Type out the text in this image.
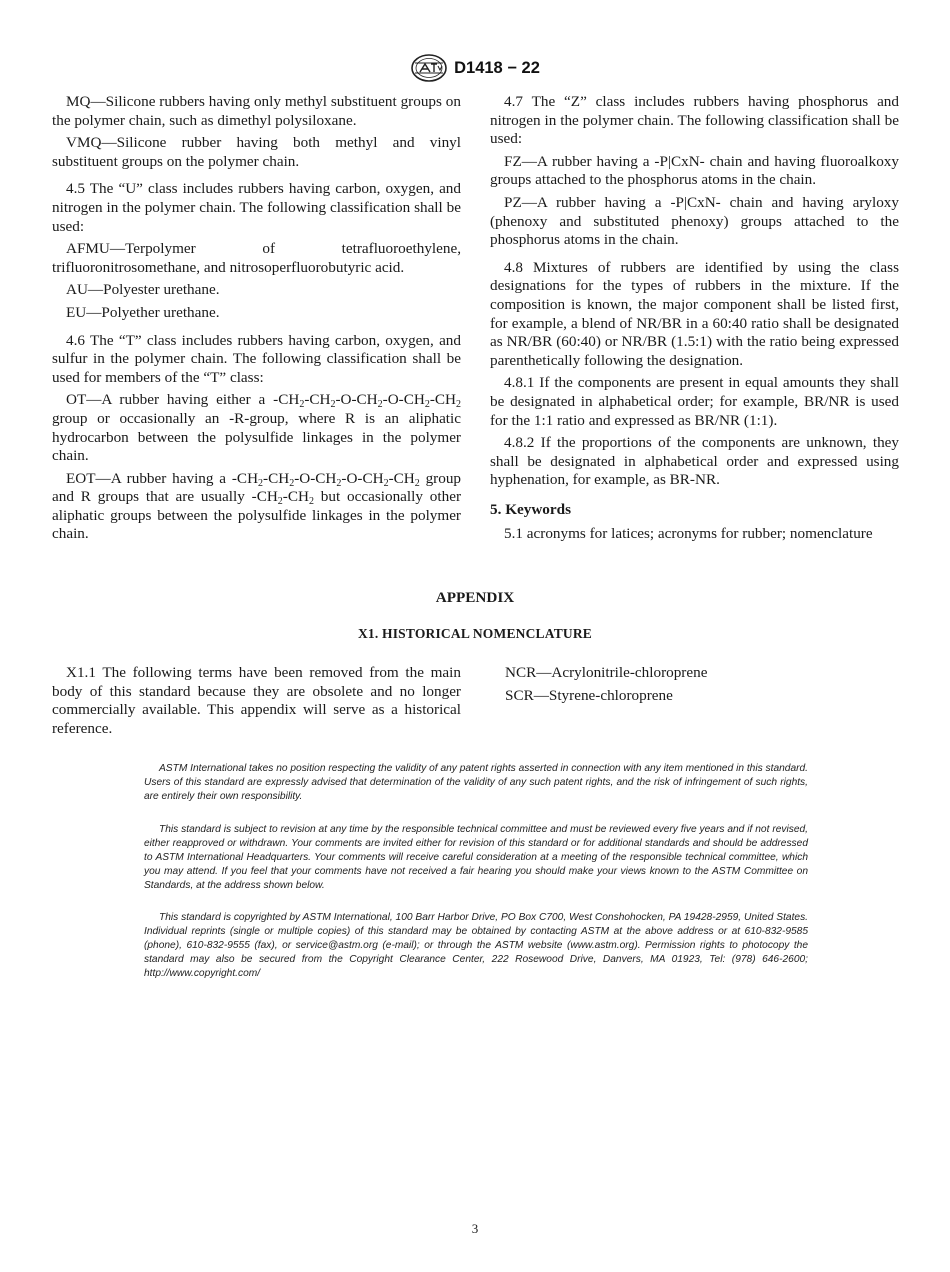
D1418 − 22

MQ—Silicone rubbers having only methyl substituent groups on the polymer chain, such as dimethyl polysiloxane.

VMQ—Silicone rubber having both methyl and vinyl substituent groups on the polymer chain.

4.5 The “U” class includes rubbers having carbon, oxygen, and nitrogen in the polymer chain. The following classification shall be used:

AFMU—Terpolymer of tetrafluoroethylene, trifluoronitrosomethane, and nitrosoperfluorobutyric acid.

AU—Polyester urethane.

EU—Polyether urethane.

4.6 The “T” class includes rubbers having carbon, oxygen, and sulfur in the polymer chain. The following classification shall be used for members of the “T” class:

OT—A rubber having either a $-CH_2-CH_2-O-CH_2-O-CH_2-CH_2$ group or occasionally an -R-group, where R is an aliphatic hydrocarbon between the polysulfide linkages in the polymer chain.

EOT—A rubber having a $-CH_2-CH_2-O-CH_2-O-CH_2-CH_2$ group and R groups that are usually $-CH_2-CH_2$ but occasionally other aliphatic groups between the polysulfide linkages in the polymer chain.

4.7 The “Z” class includes rubbers having phosphorus and nitrogen in the polymer chain. The following classification shall be used:

FZ—A rubber having a -P|CxN- chain and having fluoroalkoxy groups attached to the phosphorus atoms in the chain.

PZ—A rubber having a -P|CxN- chain and having aryloxy (phenoxy and substituted phenoxy) groups attached to the phosphorus atoms in the chain.

4.8 Mixtures of rubbers are identified by using the class designations for the types of rubbers in the mixture. If the composition is known, the major component shall be listed first, for example, a blend of NR/BR in a 60:40 ratio shall be designated as NR/BR (60:40) or NR/BR (1.5:1) with the ratio being expressed parenthetically following the designation.

4.8.1 If the components are present in equal amounts they shall be designated in alphabetical order; for example, BR/NR is used for the 1:1 ratio and expressed as BR/NR (1:1).

4.8.2 If the proportions of the components are unknown, they shall be designated in alphabetical order and expressed using hyphenation, for example, as BR-NR.

5. Keywords

5.1 acronyms for latices; acronyms for rubber; nomenclature

APPENDIX
X1. HISTORICAL NOMENCLATURE

X1.1 The following terms have been removed from the main body of this standard because they are obsolete and no longer commercially available. This appendix will serve as a historical reference.

NCR—Acrylonitrile-chloroprene

SCR—Styrene-chloroprene

ASTM International takes no position respecting the validity of any patent rights asserted in connection with any item mentioned in this standard. Users of this standard are expressly advised that determination of the validity of any such patent rights, and the risk of infringement of such rights, are entirely their own responsibility.

This standard is subject to revision at any time by the responsible technical committee and must be reviewed every five years and if not revised, either reapproved or withdrawn. Your comments are invited either for revision of this standard or for additional standards and should be addressed to ASTM International Headquarters. Your comments will receive careful consideration at a meeting of the responsible technical committee, which you may attend. If you feel that your comments have not received a fair hearing you should make your views known to the ASTM Committee on Standards, at the address shown below.

This standard is copyrighted by ASTM International, 100 Barr Harbor Drive, PO Box C700, West Conshohocken, PA 19428-2959, United States. Individual reprints (single or multiple copies) of this standard may be obtained by contacting ASTM at the above address or at 610-832-9585 (phone), 610-832-9555 (fax), or service@astm.org (e-mail); or through the ASTM website (www.astm.org). Permission rights to photocopy the standard may also be secured from the Copyright Clearance Center, 222 Rosewood Drive, Danvers, MA 01923, Tel: (978) 646-2600; http://www.copyright.com/

3
